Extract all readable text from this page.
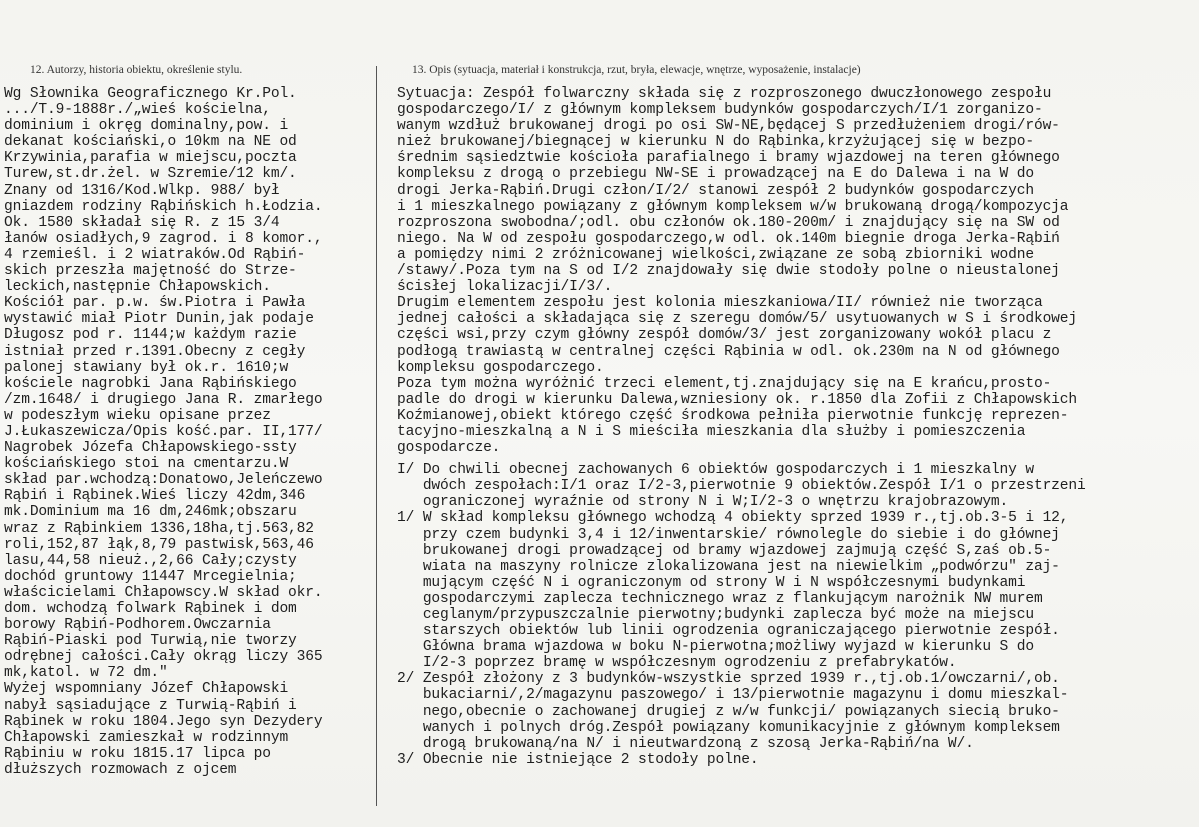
12. Autorzy, historia obiektu, określenie stylu.	13. Opis (sytuacja, materiał i konstrukcja, rzut, bryła, elewacje, wnętrze, wyposażenie, instalacje)
Wg Słownika Geograficznego Kr.Pol.
.../T.9-1888r./„wieś kościelna,
dominium i okręg dominalny,pow. i
dekanat kościański,o 10km na NE od
Krzywinia,parafia w miejscu,poczta
Turew,st.dr.żel. w Szremie/12 km/.
Znany od 1316/Kod.Wlkp. 988/ był
gniazdem rodziny Rąbińskich h.Łodzia.
Ok. 1580 składał się R. z 15 3/4
łanów osiadłych,9 zagrod. i 8 komor.,
4 rzemieśl. i 2 wiatraków.Od Rąbiń-
skich przeszła majętność do Strze-
leckich,następnie Chłapowskich.
Kościół par. p.w. św.Piotra i Pawła
wystawić miał Piotr Dunin,jak podaje
Długosz pod r. 1144;w każdym razie
istniał przed r.1391.Obecny z cegły
palonej stawiany był ok.r. 1610;w
kościele nagrobki Jana Rąbińskiego
/zm.1648/ i drugiego Jana R. zmarłego
w podeszłym wieku opisane przez
J.Łukaszewicza/Opis kość.par. II,177/
Nagrobek Józefa Chłapowskiego-ssty
kościańskiego stoi na cmentarzu.W
skład par.wchodzą:Donatowo,Jeleńczewo
Rąbiń i Rąbinek.Wieś liczy 42dm,346
mk.Dominium ma 16 dm,246mk;obszaru
wraz z Rąbinkiem 1336,18ha,tj.563,82
roli,152,87 łąk,8,79 pastwisk,563,46
lasu,44,58 nieuż.,2,66 Cały;czysty
dochód gruntowy 11447 Mrcegielnia;
właścicielami Chłapowscy.W skład okr.
dom. wchodzą folwark Rąbinek i dom
borowy Rąbiń-Podhorem.Owczarnia
Rąbiń-Piaski pod Turwią,nie tworzy
odrębnej całości.Cały okrąg liczy 365
mk,katol. w 72 dm."
Wyżej wspomniany Józef Chłapowski
nabył sąsiadujące z Turwią-Rąbiń i
Rąbinek w roku 1804.Jego syn Dezydery
Chłapowski zamieszkał w rodzinnym
Rąbiniu w roku 1815.17 lipca po
dłuższych rozmowach z ojcem
Sytuacja: Zespół folwarczny składa się z rozproszonego dwuczłonowego zespołu
gospodarczego/I/ z głównym kompleksem budynków gospodarczych/I/1 zorganizo-
wanym wzdłuż brukowanej drogi po osi SW-NE,będącej S przedłużeniem drogi/rów-
nież brukowanej/biegnącej w kierunku N do Rąbinka,krzyżującej się w bezpo-
średnim sąsiedztwie kościoła parafialnego i bramy wjazdowej na teren głównego
kompleksu z drogą o przebiegu NW-SE i prowadzącej na E do Dalewa i na W do
drogi Jerka-Rąbiń.Drugi człon/I/2/ stanowi zespół 2 budynków gospodarczych
i 1 mieszkalnego powiązany z głównym kompleksem w/w brukowaną drogą/kompozycja
rozproszona swobodna/;odl. obu członów ok.180-200m/ i znajdujący się na SW od
niego. Na W od zespołu gospodarczego,w odl. ok.140m biegnie droga Jerka-Rąbiń
a pomiędzy nimi 2 zróżnicowanej wielkości,związane ze sobą zbiorniki wodne
/stawy/.Poza tym na S od I/2 znajdowały się dwie stodoły polne o nieustalonej
ścisłej lokalizacji/I/3/.
Drugim elementem zespołu jest kolonia mieszkaniowa/II/ również nie tworząca
jednej całości a składająca się z szeregu domów/5/ usytuowanych w S i środkowej
części wsi,przy czym główny zespół domów/3/ jest zorganizowany wokół placu z
podłogą trawiastą w centralnej części Rąbinia w odl. ok.230m na N od głównego
kompleksu gospodarczego.
Poza tym można wyróżnić trzeci element,tj.znajdujący się na E krańcu,prosto-
padle do drogi w kierunku Dalewa,wzniesiony ok. r.1850 dla Zofii z Chłapowskich
Koźmianowej,obiekt którego część środkowa pełniła pierwotnie funkcję reprezen-
tacyjno-mieszkalną a N i S mieściła mieszkania dla służby i pomieszczenia
gospodarcze.
I/ Do chwili obecnej zachowanych 6 obiektów gospodarczych i 1 mieszkalny w
dwóch zespołach:I/1 oraz I/2-3,pierwotnie 9 obiektów.Zespół I/1 o przestrzeni
ograniczonej wyraźnie od strony N i W;I/2-3 o wnętrzu krajobrazowym.
1/ W skład kompleksu głównego wchodzą 4 obiekty sprzed 1939 r.,tj.ob.3-5 i 12,
przy czem budynki 3,4 i 12/inwentarskie/ równolegle do siebie i do głównej
brukowanej drogi prowadzącej od bramy wjazdowej zajmują część S,zaś ob.5-
wiata na maszyny rolnicze zlokalizowana jest na niewielkim „podwórzu" zaj-
mującym część N i ograniczonym od strony W i N współczesnymi budynkami
gospodarczymi zaplecza technicznego wraz z flankującym narożnik NW murem
ceglanym/przypuszczalnie pierwotny;budynki zaplecza być może na miejscu
starszych obiektów lub linii ogrodzenia ograniczającego pierwotnie zespół.
Główna brama wjazdowa w boku N-pierwotna;możliwy wyjazd w kierunku S do
I/2-3 poprzez bramę w współczesnym ogrodzeniu z prefabrykatów.
2/ Zespół złożony z 3 budynków-wszystkie sprzed 1939 r.,tj.ob.1/owczarni/,ob.
bukaciarni/,2/magazynu paszowego/ i 13/pierwotnie magazynu i domu mieszkal-
nego,obecnie o zachowanej drugiej z w/w funkcji/ powiązanych siecią bruko-
wanych i polnych dróg.Zespół powiązany komunikacyjnie z głównym kompleksem
drogą brukowaną/na N/ i nieutwardzoną z szosą Jerka-Rąbiń/na W/.
3/ Obecnie nie istniejące 2 stodoły polne.
